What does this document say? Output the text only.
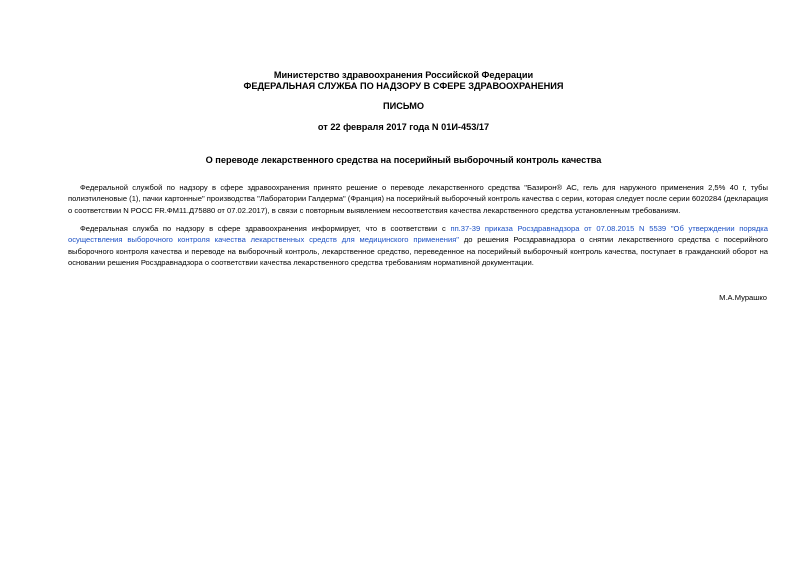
Министерство здравоохранения Российской Федерации
ФЕДЕРАЛЬНАЯ СЛУЖБА ПО НАДЗОРУ В СФЕРЕ ЗДРАВООХРАНЕНИЯ
ПИСЬМО
от 22 февраля 2017 года N 01И-453/17
О переводе лекарственного средства на посерийный выборочный контроль качества
Федеральной службой по надзору в сфере здравоохранения принято решение о переводе лекарственного средства "Базирон® АС, гель для наружного применения 2,5% 40 г, тубы полиэтиленовые (1), пачки картонные" производства "Лаборатории Галдерма" (Франция) на посерийный выборочный контроль качества с серии, которая следует после серии 6020284 (декларация о соответствии N РОСС FR.ФМ11.Д75880 от 07.02.2017), в связи с повторным выявлением несоответствия качества лекарственного средства установленным требованиям.
Федеральная служба по надзору в сфере здравоохранения информирует, что в соответствии с пп.37-39 приказа Росздравнадзора от 07.08.2015 N 5539 "Об утверждении порядка осуществления выборочного контроля качества лекарственных средств для медицинского применения" до решения Росздравнадзора о снятии лекарственного средства с посерийного выборочного контроля качества и переводе на выборочный контроль, лекарственное средство, переведенное на посерийный выборочный контроль качества, поступает в гражданский оборот на основании решения Росздравнадзора о соответствии качества лекарственного средства требованиям нормативной документации.
М.А.Мурашко
